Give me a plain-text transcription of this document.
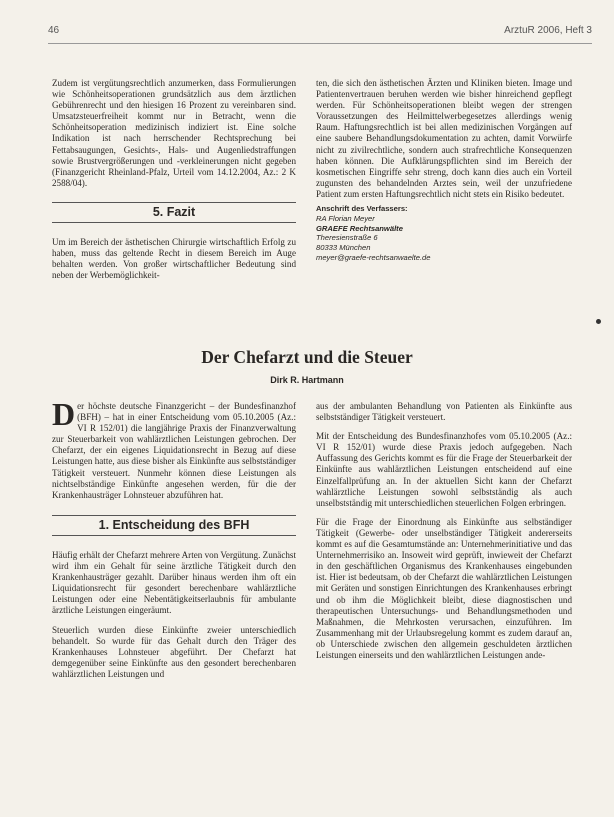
46	ArztuR 2006, Heft 3

Zudem ist vergütungsrechtlich anzumerken, dass Formulierungen wie Schönheitsoperationen grundsätzlich aus dem ärztlichen Gebührenrecht und den hiesigen 16 Prozent zu vereinbaren sind. Umsatzsteuerfreiheit kommt nur in Betracht, wenn die Schönheitsoperation medizinisch indiziert ist. Eine solche Indikation ist nach herrschender Rechtsprechung bei Fettabsaugungen, Gesichts-, Hals- und Augenliedstraffungen sowie Brustvergrößerungen und -verkleinerungen nicht gegeben (Finanzgericht Rheinland-Pfalz, Urteil vom 14.12.2004, Az.: 2 K 2588/04).

5. Fazit

Um im Bereich der ästhetischen Chirurgie wirtschaftlich Erfolg zu haben, muss das geltende Recht in diesem Bereich im Auge behalten werden. Von großer wirtschaftlicher Bedeutung sind neben der Werbemöglichkeit-

ten, die sich den ästhetischen Ärzten und Kliniken bieten. Image und Patientenvertrauen beruhen werden wie bisher hinreichend gepflegt werden. Für Schönheitsoperationen bleibt wegen der strengen Voraussetzungen des Heilmittelwerbegesetzes allerdings wenig Raum. Haftungsrechtlich ist bei allen medizinischen Vorgängen auf eine saubere Behandlungsdokumentation zu achten, damit Vorwürfe nicht zu zivilrechtliche, sondern auch strafrechtliche Konsequenzen haben können. Die Aufklärungspflichten sind im Bereich der kosmetischen Eingriffe sehr streng, doch kann dies auch ein Vorteil zugunsten des behandelnden Arztes sein, weil der unzufriedene Patient zum ersten Haftungsrechtlich nicht stets ein Risiko bedeutet.

Anschrift des Verfassers:
RA Florian Meyer
GRAEFE Rechtsanwälte
Theresienstraße 6
80333 München
meyer@graefe-rechtsanwaelte.de
Der Chefarzt und die Steuer
Dirk R. Hartmann

Der höchste deutsche Finanzgericht – der Bundesfinanzhof (BFH) – hat in einer Entscheidung vom 05.10.2005 (Az.: VI R 152/01) die langjährige Praxis der Finanzverwaltung zur Steuerbarkeit von wahlärztlichen Leistungen gebrochen. Der Chefarzt, der ein eigenes Liquidationsrecht in Bezug auf diese Leistungen hatte, aus diese bisher als Einkünfte aus selbstständiger Tätigkeit versteuert. Nunmehr können diese Leistungen als nichtselbständige Einkünfte angesehen werden, für die der Krankenhausträger Lohnsteuer abzuführen hat.

1. Entscheidung des BFH

Häufig erhält der Chefarzt mehrere Arten von Vergütung. Zunächst wird ihm ein Gehalt für seine ärztliche Tätigkeit durch den Krankenhausträger gezahlt. Darüber hinaus werden ihm oft ein Liquidationsrecht für gesondert berechenbare wahlärztliche Leistungen oder eine Nebentätigkeitserlaubnis für ambulante ärztliche Leistungen eingeräumt.

Steuerlich wurden diese Einkünfte zweier unterschiedlich behandelt. So wurde für das Gehalt durch den Träger des Krankenhauses Lohnsteuer abgeführt. Der Chefarzt hat demgegenüber seine Einkünfte aus den gesondert berechenbaren wahlärztlichen Leistungen und

aus der ambulanten Behandlung von Patienten als Einkünfte aus selbstständiger Tätigkeit versteuert.

Mit der Entscheidung des Bundesfinanzhofes vom 05.10.2005 (Az.: VI R 152/01) wurde diese Praxis jedoch aufgegeben. Nach Auffassung des Gerichts kommt es für die Frage der Steuerbarkeit der Einkünfte aus wahlärztlichen Leistungen entscheidend auf eine Einzelfallprüfung an. In der aktuellen Sicht kann der Chefarzt wahlärztliche Leistungen sowohl selbstständig als auch unselbstständig mit unterschiedlichen steuerlichen Folgen erbringen.

Für die Frage der Einordnung als Einkünfte aus selbständiger Tätigkeit (Gewerbe- oder unselbständiger Tätigkeit andererseits kommt es auf die Gesamtumstände an: Unternehmerinitiative und das Unternehmerrisiko an. Insoweit wird geprüft, inwieweit der Chefarzt in den geschäftlichen Organismus des Krankenhauses eingebunden ist. Hier ist bedeutsam, ob der Chefarzt die wahlärztlichen Leistungen mit Geräten und sonstigen Einrichtungen des Krankenhauses erbringt und ob ihm die Möglichkeit bleibt, diese diagnostischen und therapeutischen Untersuchungs- und Behandlungsmethoden und Maßnahmen, die Mehrkosten verursachen, einzuführen. Im Zusammenhang mit der Urlaubsregelung kommt es zudem darauf an, ob Unterschiede zwischen den allgemein geschuldeten ärztlichen Leistungen einerseits und den wahlärztlichen Leistungen ande-
